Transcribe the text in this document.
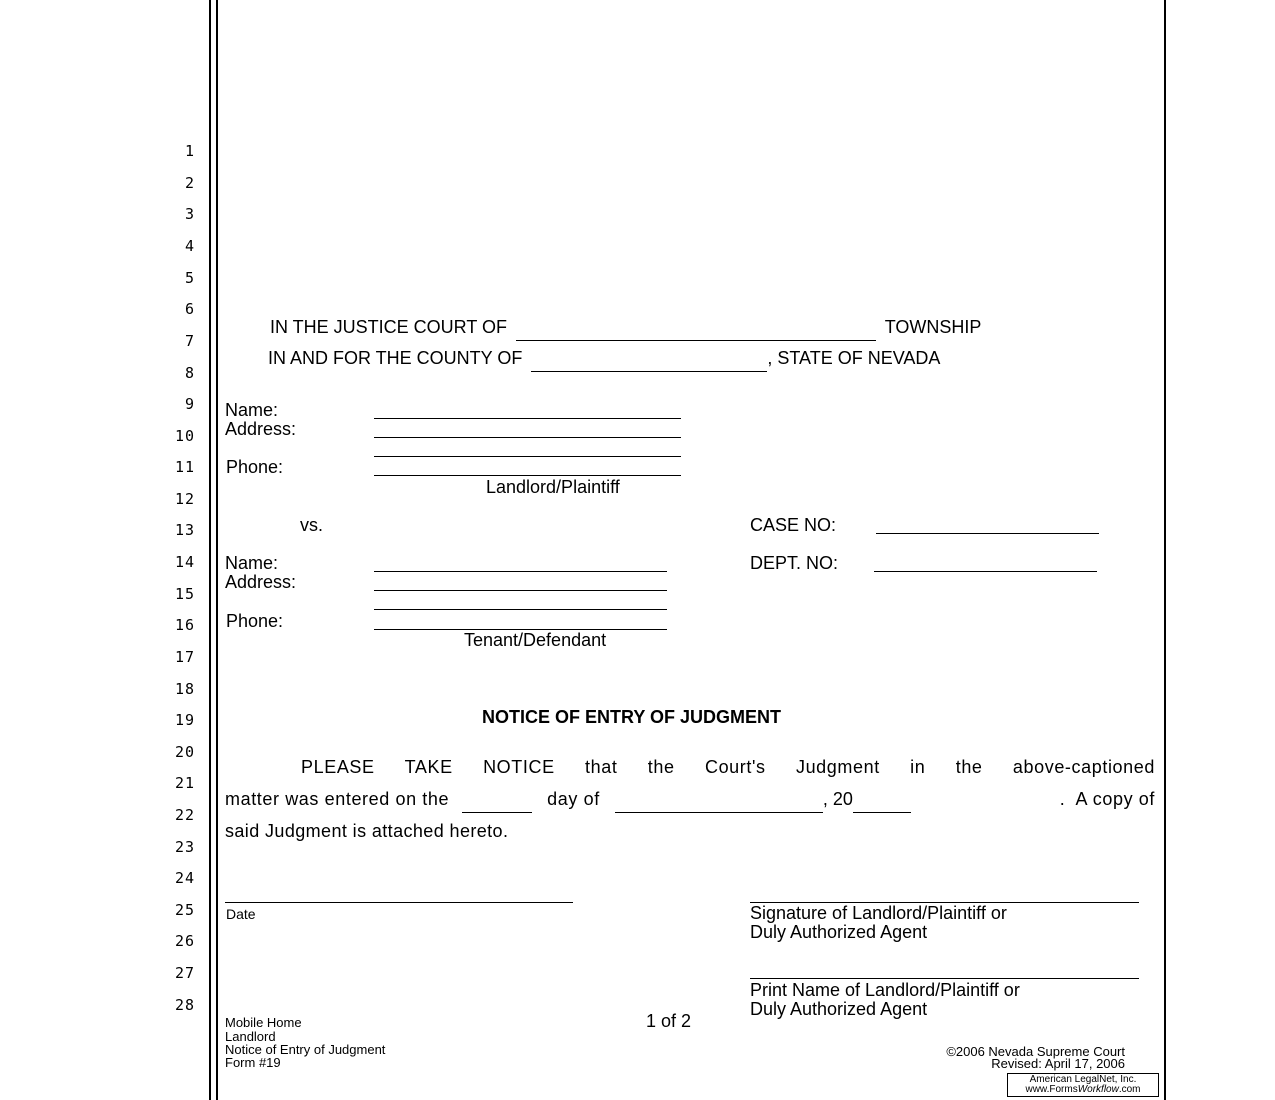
1
2
3
4
5
6
7
8
9
10
11
12
13
14
15
16
17
18
19
20
21
22
23
24
25
26
27
28
IN THE JUSTICE COURT OF	TOWNSHIP
IN AND FOR THE COUNTY OF	, STATE OF NEVADA
Name:
Address:
Phone:
Landlord/Plaintiff
vs.	CASE NO:
DEPT. NO:
Name:
Address:
Phone:
Tenant/Defendant
NOTICE OF ENTRY OF JUDGMENT
PLEASE TAKE NOTICE that the Court's Judgment in the above-captioned
matter was entered on the	day of	, 20	.  A copy of
said Judgment is attached hereto.
Date	Signature of Landlord/Plaintiff or
Duly Authorized Agent
Print Name of Landlord/Plaintiff or
Duly Authorized Agent
Mobile Home
Landlord
Notice of Entry of Judgment
Form #19
1 of 2
©2006 Nevada Supreme Court
Revised: April 17, 2006
American LegalNet, Inc.
www.FormsWorkflow.com
